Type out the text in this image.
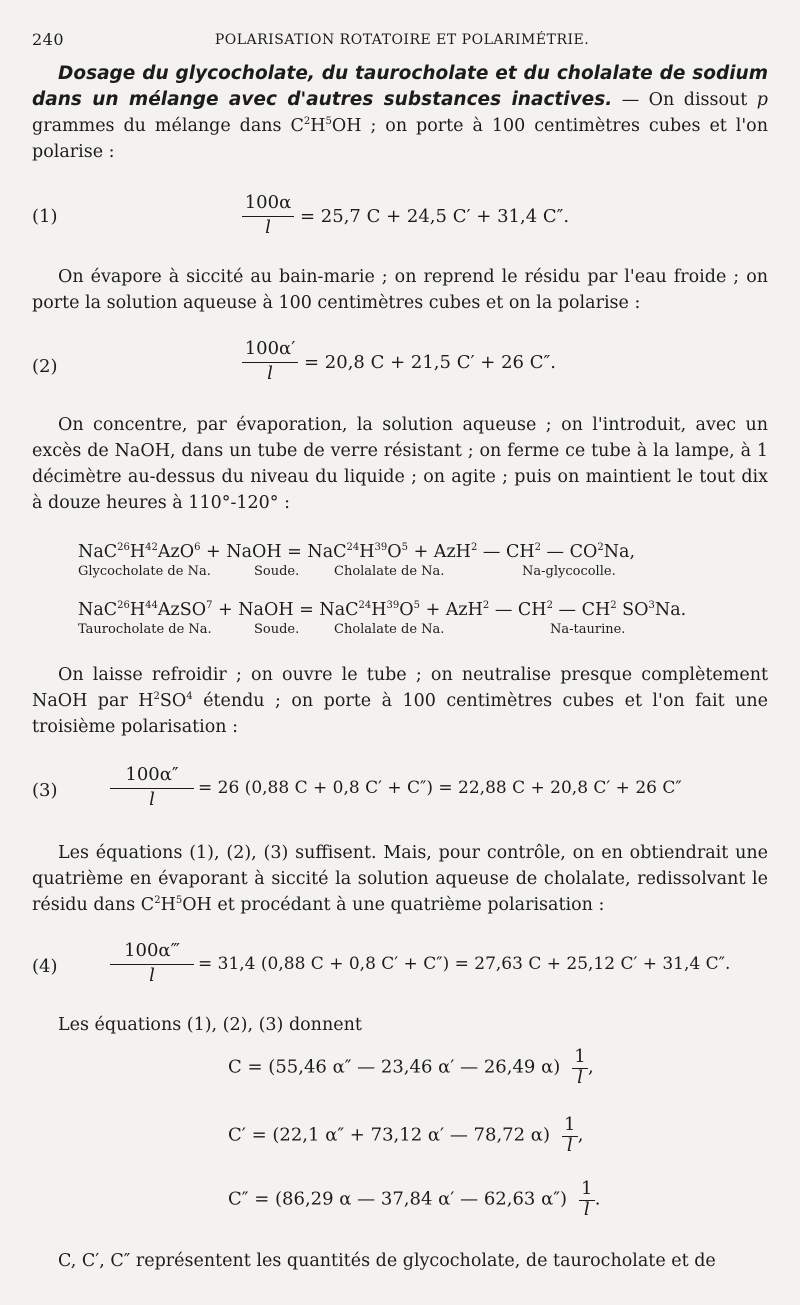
240	POLARISATION ROTATOIRE ET POLARIMÉTRIE.

Dosage du glycocholate, du taurocholate et du cholalate de sodium dans un mélange avec d'autres substances inactives. — On dissout p grammes du mélange dans $C^2H^5OH$ ; on porte à 100 centimètres cubes et l'on polarise :

(1)
100α
l
= 25,7 C + 24,5 C′ + 31,4 C″.

On évapore à siccité au bain-marie ; on reprend le résidu par l'eau froide ; on porte la solution aqueuse à 100 centimètres cubes et on la polarise :

(2)
100α′
l
= 20,8 C + 21,5 C′ + 26 C″.

On concentre, par évaporation, la solution aqueuse ; on l'introduit, avec un excès de NaOH, dans un tube de verre résistant ; on ferme ce tube à la lampe, à 1 décimètre au-dessus du niveau du liquide ; on agite ; puis on maintient le tout dix à douze heures à 110°-120° :

$NaC^{26}H^{42}AzO^6$ + NaOH = $NaC^{24}H^{39}O^5 + AzH^2$ — $CH^2$ — $CO^2Na$,
Glycocholate de Na.	Soude.	Cholalate de Na.	Na-glycocolle.
$NaC^{26}H^{44}AzSO^7$ + NaOH = $NaC^{24}H^{39}O^5 + AzH^2$ — $CH^2$ — $CH^2$ $SO^3Na$.
Taurocholate de Na.	Soude.	Cholalate de Na.	Na-taurine.

On laisse refroidir ; on ouvre le tube ; on neutralise presque complètement NaOH par $H^2SO^4$ étendu ; on porte à 100 centimètres cubes et l'on fait une troisième polarisation :

(3)
100α″
l
= 26 (0,88 C + 0,8 C′ + C″) = 22,88 C + 20,8 C′ + 26 C″

Les équations (1), (2), (3) suffisent. Mais, pour contrôle, on en obtiendrait une quatrième en évaporant à siccité la solution aqueuse de cholalate, redissolvant le résidu dans $C^2H^5OH$ et procédant à une quatrième polarisation :

(4)
100α‴
l
= 31,4 (0,88 C + 0,8 C′ + C″) = 27,63 C + 25,12 C′ + 31,4 C″.

Les équations (1), (2), (3) donnent

C = (55,46 α″ — 23,46 α′ — 26,49 $\alpha) \frac{1}{l}$ ,
C′ = (22,1 α″ + 73,12 α′ — 78,72 $\alpha) \frac{1}{l}$ ,
C″ = (86,29 α — 37,84 α′ — 62,63 $\alpha'') \frac{1}{l}$ .

C, C′, C″ représentent les quantités de glycocholate, de taurocholate et de
